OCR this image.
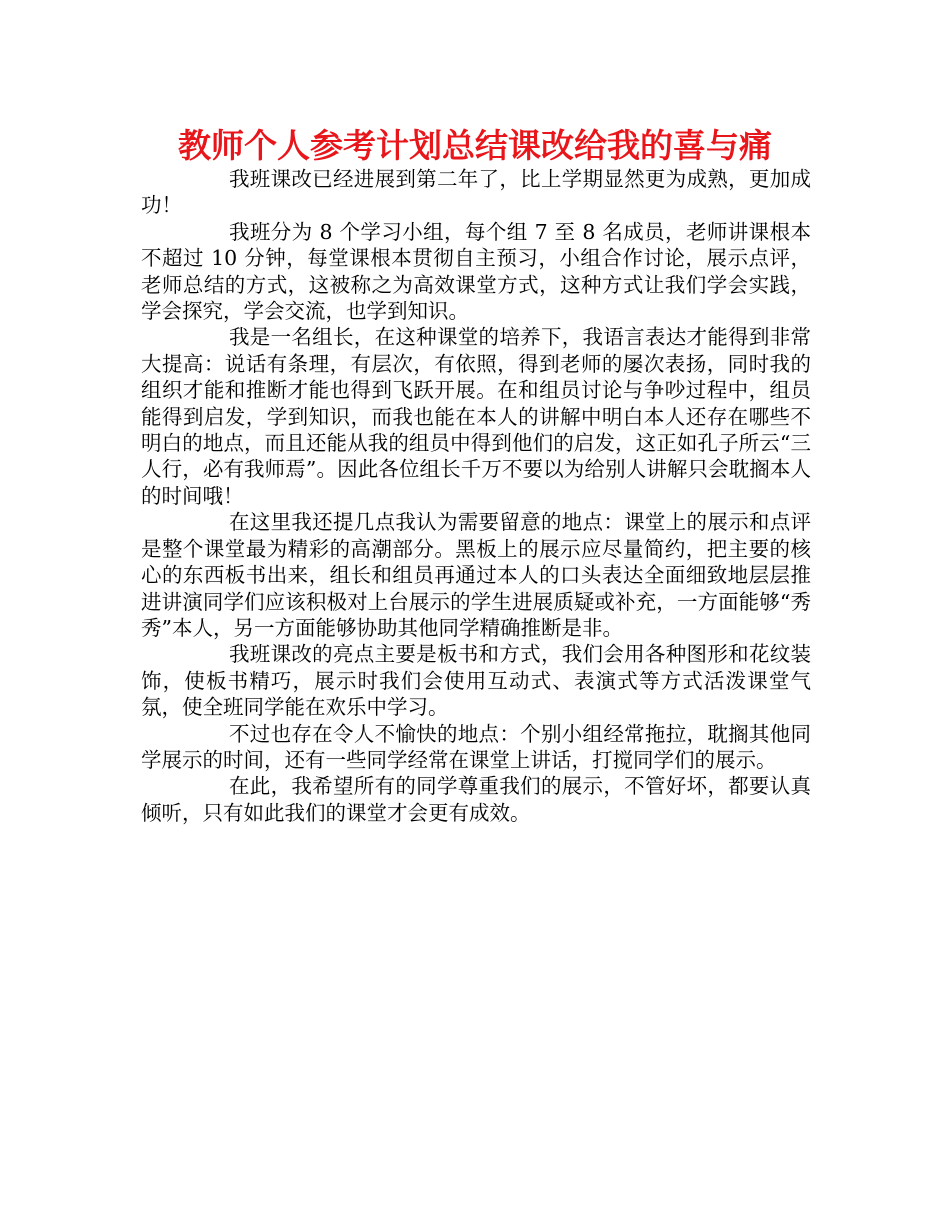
教师个人参考计划总结课改给我的喜与痛

我班课改已经进展到第二年了，比上学期显然更为成熟，更加成功！

我班分为 8 个学习小组，每个组 7 至 8 名成员，老师讲课根本不超过 10 分钟，每堂课根本贯彻自主预习，小组合作讨论，展示点评，老师总结的方式，这被称之为高效课堂方式，这种方式让我们学会实践，学会探究，学会交流，也学到知识。

我是一名组长，在这种课堂的培养下，我语言表达才能得到非常大提高：说话有条理，有层次，有依照，得到老师的屡次表扬，同时我的组织才能和推断才能也得到飞跃开展。在和组员讨论与争吵过程中，组员能得到启发，学到知识，而我也能在本人的讲解中明白本人还存在哪些不明白的地点，而且还能从我的组员中得到他们的启发，这正如孔子所云“三人行，必有我师焉”。因此各位组长千万不要以为给别人讲解只会耽搁本人的时间哦！

在这里我还提几点我认为需要留意的地点：课堂上的展示和点评是整个课堂最为精彩的高潮部分。黑板上的展示应尽量简约，把主要的核心的东西板书出来，组长和组员再通过本人的口头表达全面细致地层层推进讲演同学们应该积极对上台展示的学生进展质疑或补充，一方面能够“秀秀”本人，另一方面能够协助其他同学精确推断是非。

我班课改的亮点主要是板书和方式，我们会用各种图形和花纹装饰，使板书精巧，展示时我们会使用互动式、表演式等方式活泼课堂气氛，使全班同学能在欢乐中学习。

不过也存在令人不愉快的地点：个别小组经常拖拉，耽搁其他同学展示的时间，还有一些同学经常在课堂上讲话，打搅同学们的展示。

在此，我希望所有的同学尊重我们的展示，不管好坏，都要认真倾听，只有如此我们的课堂才会更有成效。
